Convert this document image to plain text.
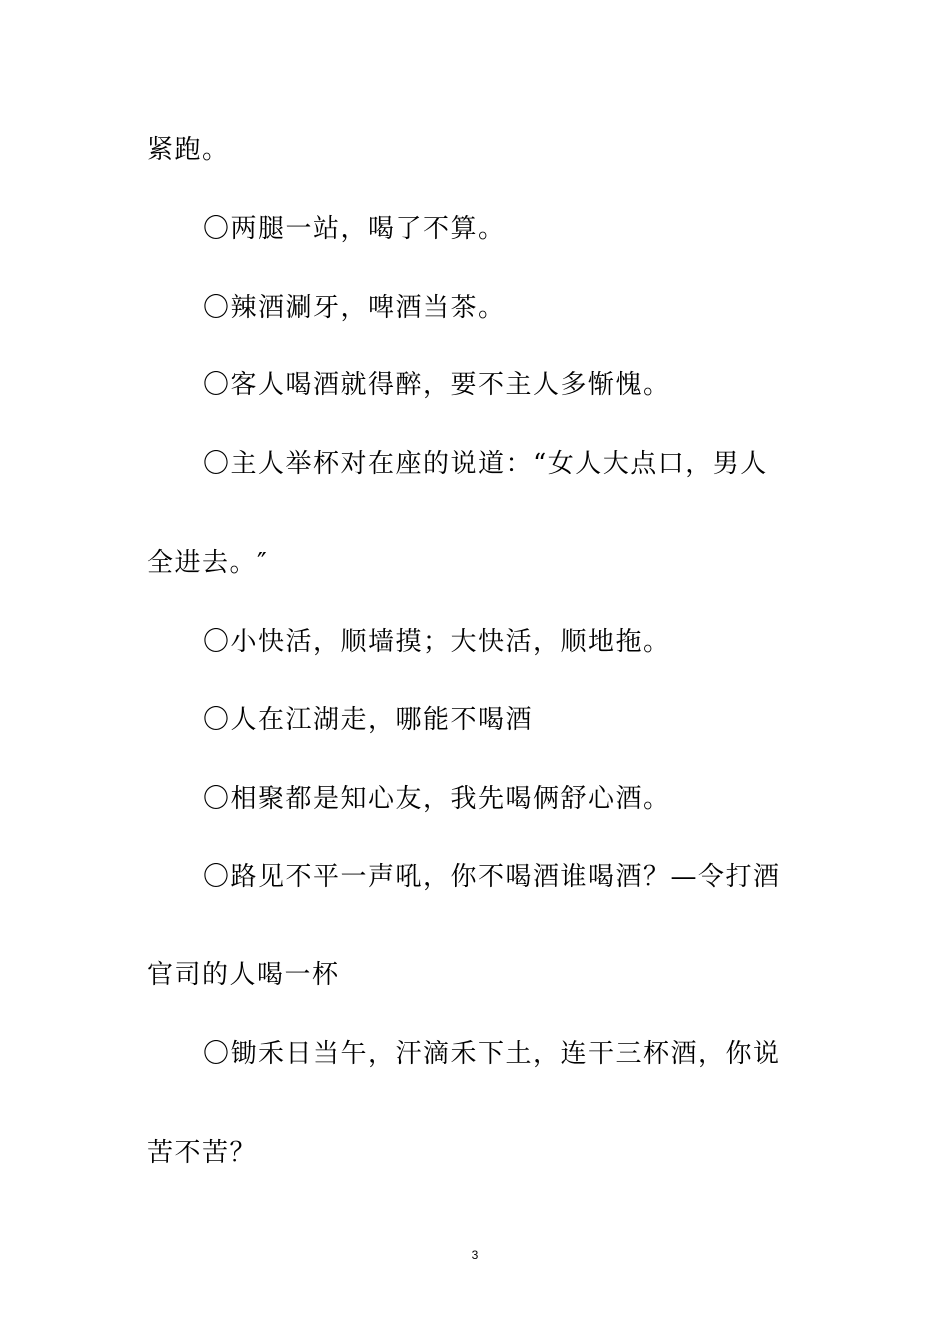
紧跑。
〇两腿一站，喝了不算。
〇辣酒涮牙，啤酒当茶。
〇客人喝酒就得醉，要不主人多惭愧。
〇主人举杯对在座的说道：“女人大点口，男人
全进去。″
〇小快活，顺墙摸；大快活，顺地拖。
〇人在江湖走，哪能不喝酒
〇相聚都是知心友，我先喝俩舒心酒。
〇路见不平一声吼，你不喝酒谁喝酒？—令打酒
官司的人喝一杯
〇锄禾日当午，汗滴禾下土，连干三杯酒，你说
苦不苦？
3
